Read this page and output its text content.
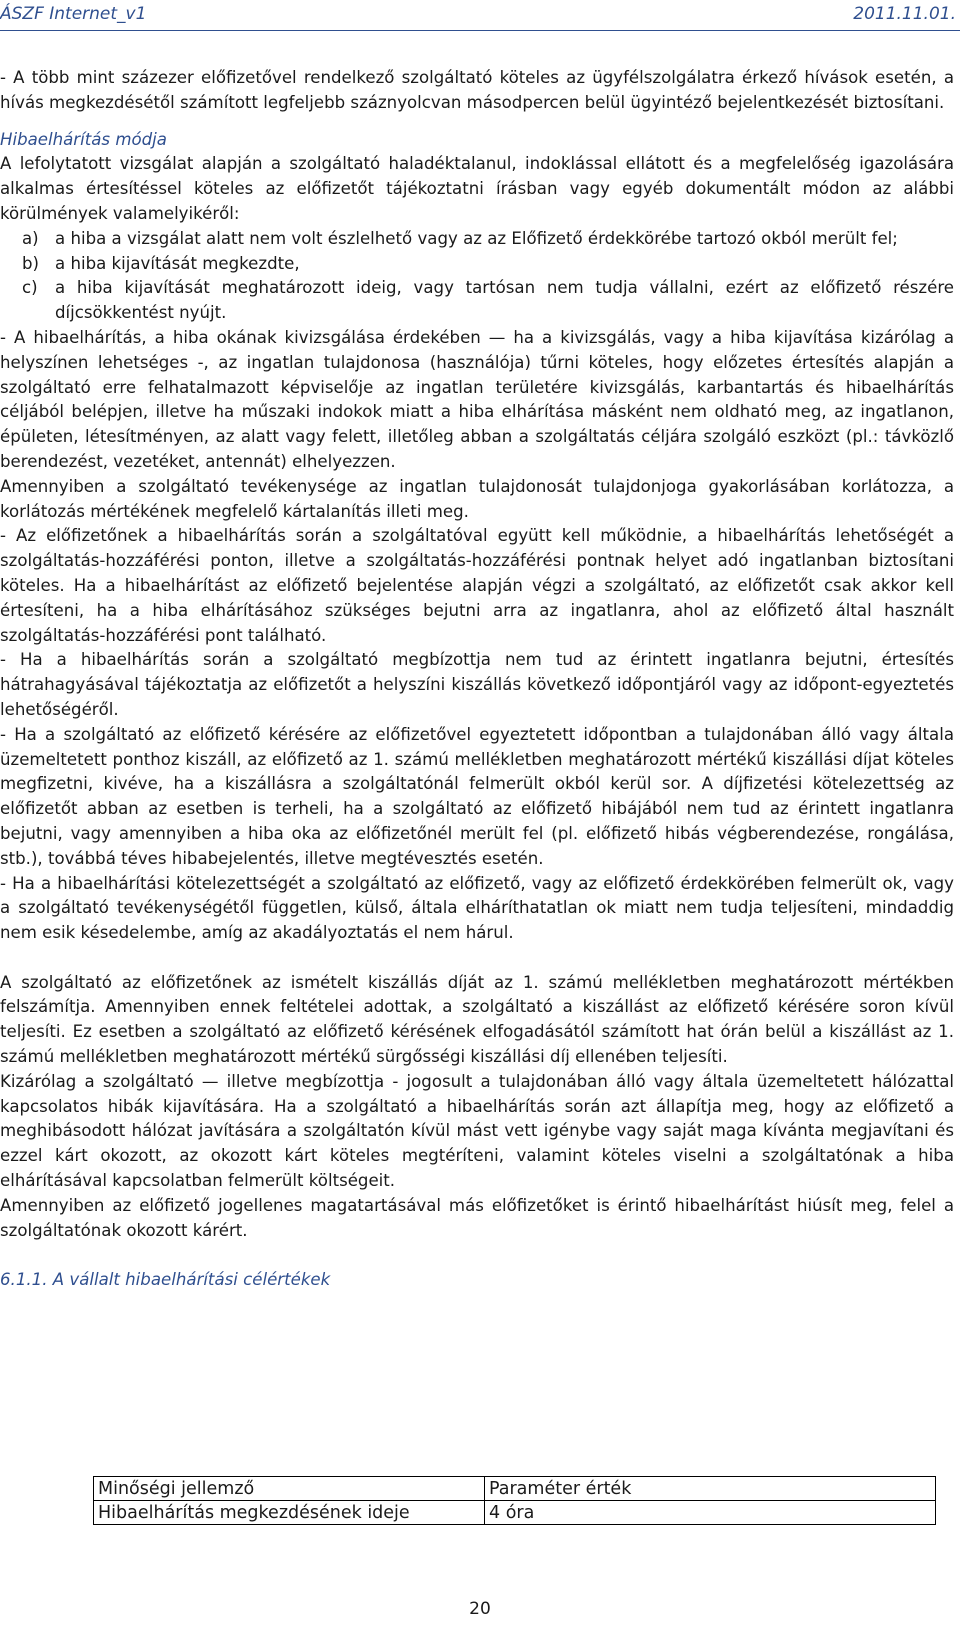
ÁSZF Internet_v1	2011.11.01.

- A több mint százezer előfizetővel rendelkező szolgáltató köteles az ügyfélszolgálatra érkező hívások esetén, a hívás megkezdésétől számított legfeljebb száznyolcvan másodpercen belül ügyintéző bejelentkezését biztosítani.

Hibaelhárítás módja

A lefolytatott vizsgálat alapján a szolgáltató haladéktalanul, indoklással ellátott és a megfelelőség igazolására alkalmas értesítéssel köteles az előfizetőt tájékoztatni írásban vagy egyéb dokumentált módon az alábbi körülmények valamelyikéről:

a) a hiba a vizsgálat alatt nem volt észlelhető vagy az az Előfizető érdekkörébe tartozó okból merült fel;
b) a hiba kijavítását megkezdte,
c) a hiba kijavítását meghatározott ideig, vagy tartósan nem tudja vállalni, ezért az előfizető részére díjcsökkentést nyújt.

- A hibaelhárítás, a hiba okának kivizsgálása érdekében — ha a kivizsgálás, vagy a hiba kijavítása kizárólag a helyszínen lehetséges -, az ingatlan tulajdonosa (használója) tűrni köteles, hogy előzetes értesítés alapján a szolgáltató erre felhatalmazott képviselője az ingatlan területére kivizsgálás, karbantartás és hibaelhárítás céljából belépjen, illetve ha műszaki indokok miatt a hiba elhárítása másként nem oldható meg, az ingatlanon, épületen, létesítményen, az alatt vagy felett, illetőleg abban a szolgáltatás céljára szolgáló eszközt (pl.: távközlő berendezést, vezetéket, antennát) elhelyezzen.

Amennyiben a szolgáltató tevékenysége az ingatlan tulajdonosát tulajdonjoga gyakorlásában korlátozza, a korlátozás mértékének megfelelő kártalanítás illeti meg.

- Az előfizetőnek a hibaelhárítás során a szolgáltatóval együtt kell működnie, a hibaelhárítás lehetőségét a szolgáltatás-hozzáférési ponton, illetve a szolgáltatás-hozzáférési pontnak helyet adó ingatlanban biztosítani köteles. Ha a hibaelhárítást az előfizető bejelentése alapján végzi a szolgáltató, az előfizetőt csak akkor kell értesíteni, ha a hiba elhárításához szükséges bejutni arra az ingatlanra, ahol az előfizető által használt szolgáltatás-hozzáférési pont található.

- Ha a hibaelhárítás során a szolgáltató megbízottja nem tud az érintett ingatlanra bejutni, értesítés hátrahagyásával tájékoztatja az előfizetőt a helyszíni kiszállás következő időpontjáról vagy az időpont-egyeztetés lehetőségéről.

- Ha a szolgáltató az előfizető kérésére az előfizetővel egyeztetett időpontban a tulajdonában álló vagy általa üzemeltetett ponthoz kiszáll, az előfizető az 1. számú mellékletben meghatározott mértékű kiszállási díjat köteles megfizetni, kivéve, ha a kiszállásra a szolgáltatónál felmerült okból kerül sor. A díjfizetési kötelezettség az előfizetőt abban az esetben is terheli, ha a szolgáltató az előfizető hibájából nem tud az érintett ingatlanra bejutni, vagy amennyiben a hiba oka az előfizetőnél merült fel (pl. előfizető hibás végberendezése, rongálása, stb.), továbbá téves hibabejelentés, illetve megtévesztés esetén.

- Ha a hibaelhárítási kötelezettségét a szolgáltató az előfizető, vagy az előfizető érdekkörében felmerült ok, vagy a szolgáltató tevékenységétől független, külső, általa elháríthatatlan ok miatt nem tudja teljesíteni, mindaddig nem esik késedelembe, amíg az akadályoztatás el nem hárul.

A szolgáltató az előfizetőnek az ismételt kiszállás díját az 1. számú mellékletben meghatározott mértékben felszámítja. Amennyiben ennek feltételei adottak, a szolgáltató a kiszállást az előfizető kérésére soron kívül teljesíti. Ez esetben a szolgáltató az előfizető kérésének elfogadásától számított hat órán belül a kiszállást az 1. számú mellékletben meghatározott mértékű sürgősségi kiszállási díj ellenében teljesíti.

Kizárólag a szolgáltató — illetve megbízottja - jogosult a tulajdonában álló vagy általa üzemeltetett hálózattal kapcsolatos hibák kijavítására. Ha a szolgáltató a hibaelhárítás során azt állapítja meg, hogy az előfizető a meghibásodott hálózat javítására a szolgáltatón kívül mást vett igénybe vagy saját maga kívánta megjavítani és ezzel kárt okozott, az okozott kárt köteles megtéríteni, valamint köteles viselni a szolgáltatónak a hiba elhárításával kapcsolatban felmerült költségeit.

Amennyiben az előfizető jogellenes magatartásával más előfizetőket is érintő hibaelhárítást hiúsít meg, felel a szolgáltatónak okozott kárért.

6.1.1. A vállalt hibaelhárítási célértékek

Minőségi jellemző	Paraméter érték
Hibaelhárítás megkezdésének ideje	4 óra
20
